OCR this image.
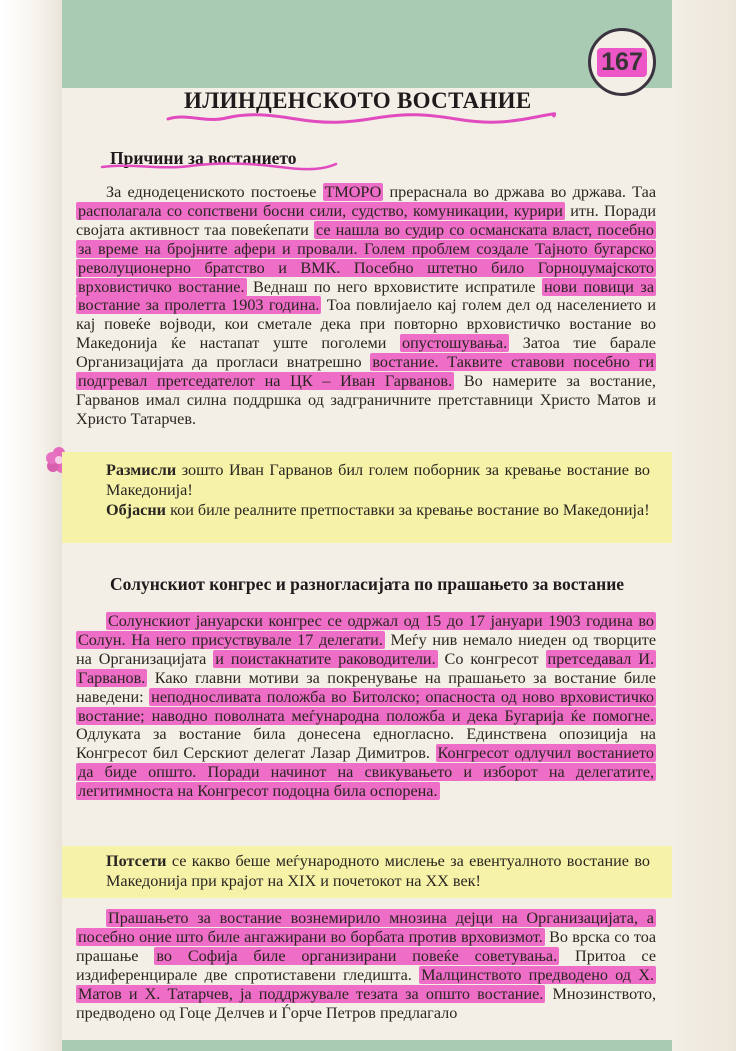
167
ИЛИНДЕНСКОТО ВОСТАНИЕ
Причини за востанието

За еднодецениското постоење ТМОРО прераснала во држава во држава. Таа располагала со сопствени босни сили, судство, комуникации, курири итн. Поради својата активност таа повеќепати се нашла во судир со османската власт, посебно за време на бројните афери и провали. Голем проблем создале Тајното бугарско револуционерно братство и ВМК. Посебно штетно било Горноџумајското врховистичко востание. Веднаш по него врховистите испратиле нови повици за востание за пролетта 1903 година. Тоа повлијаело кај голем дел од населението и кај повеќе војводи, кои сметале дека при повторно врховистичко востание во Македонија ќе настапат уште поголеми опустошувања. Затоа тие барале Организацијата да прогласи внатрешно востание. Таквите ставови посебно ги подгревал претседателот на ЦК – Иван Гарванов. Во намерите за востание, Гарванов имал силна поддршка од задграничните претставници Христо Матов и Христо Татарчев.

Размисли зошто Иван Гарванов бил голем поборник за кревање востание во Македонија!

Објасни кои биле реалните претпоставки за кревање востание во Македонија!

Солунскиот конгрес и разногласијата по прашањето за востание

Солунскиот јануарски конгрес се одржал од 15 до 17 јануари 1903 година во Солун. На него присуствувале 17 делегати. Меѓу нив немало ниеден од творците на Организацијата и поистакнатите раководители. Со конгресот претседавал И. Гарванов. Како главни мотиви за покренување на прашањето за востание биле наведени: неподносливата положба во Битолско; опасноста од ново врховистичко востание; наводно поволната меѓународна положба и дека Бугарија ќе помогне. Одлуката за востание била донесена едногласно. Единствена опозиција на Конгресот бил Серскиот делегат Лазар Димитров. Конгресот одлучил востанието да биде општо. Поради начинот на свикувањето и изборот на делегатите, легитимноста на Конгресот подоцна била оспорена.

Потсети се какво беше меѓународното мислење за евентуалното востание во Македонија при крајот на XIX и почетокот на XX век!

Прашањето за востание вознемирило мнозина дејци на Организацијата, а посебно оние што биле ангажирани во борбата против врховизмот. Во врска со тоа прашање во Софија биле организирани повеќе советувања. Притоа се издиференцирале две спротиставени гледишта. Малцинството предводено од Х. Матов и Х. Татарчев, ја поддржувале тезата за општо востание. Мнозинството, предводено од Гоце Делчев и Ѓорче Петров предлагало
